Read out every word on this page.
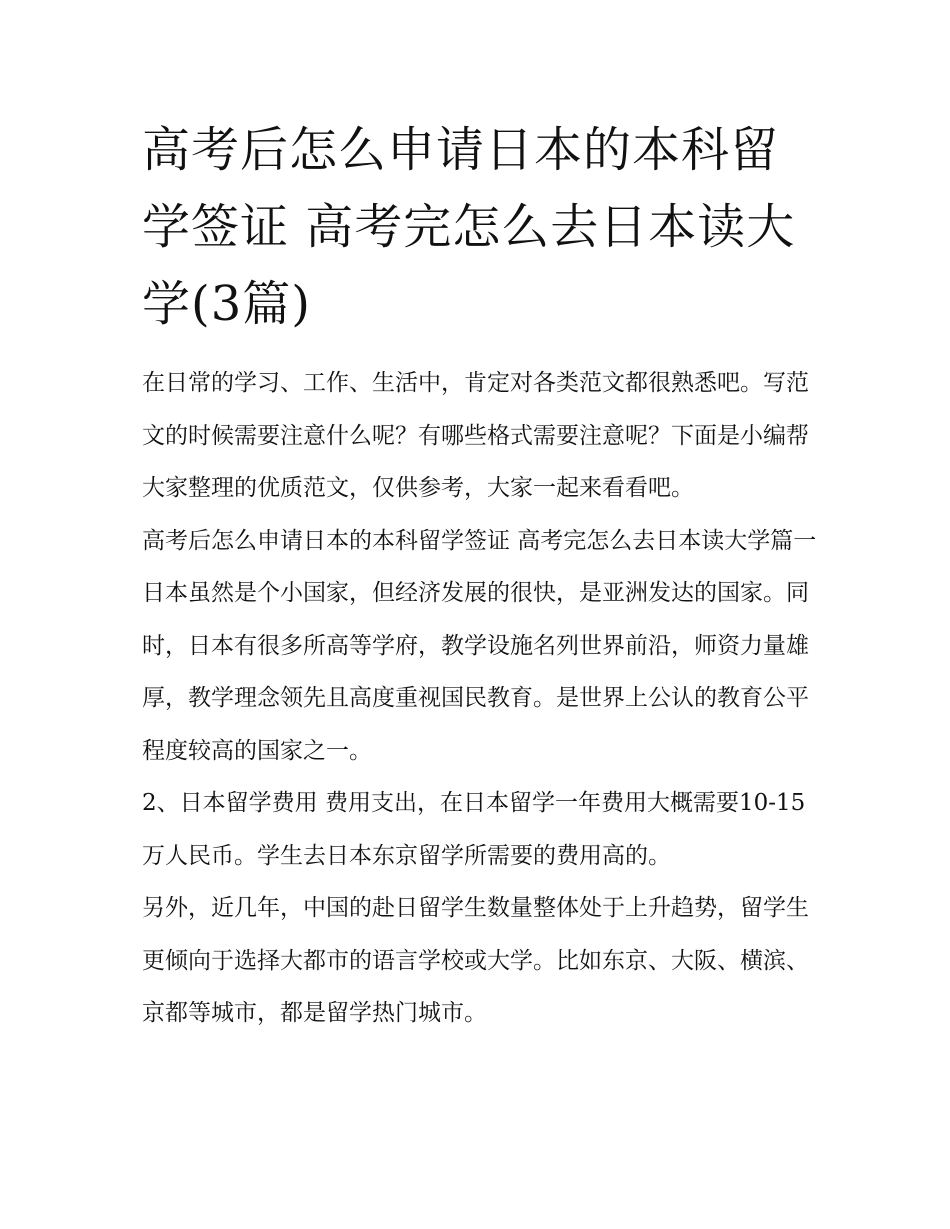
高考后怎么申请日本的本科留学签证 高考完怎么去日本读大学(3篇)

在日常的学习、工作、生活中，肯定对各类范文都很熟悉吧。写范文的时候需要注意什么呢？有哪些格式需要注意呢？下面是小编帮大家整理的优质范文，仅供参考，大家一起来看看吧。

高考后怎么申请日本的本科留学签证 高考完怎么去日本读大学篇一

日本虽然是个小国家，但经济发展的很快，是亚洲发达的国家。同时，日本有很多所高等学府，教学设施名列世界前沿，师资力量雄厚，教学理念领先且高度重视国民教育。是世界上公认的教育公平程度较高的国家之一。

2、日本留学费用 费用支出，在日本留学一年费用大概需要10-15万人民币。学生去日本东京留学所需要的费用高的。

另外，近几年，中国的赴日留学生数量整体处于上升趋势，留学生更倾向于选择大都市的语言学校或大学。比如东京、大阪、横滨、京都等城市，都是留学热门城市。
